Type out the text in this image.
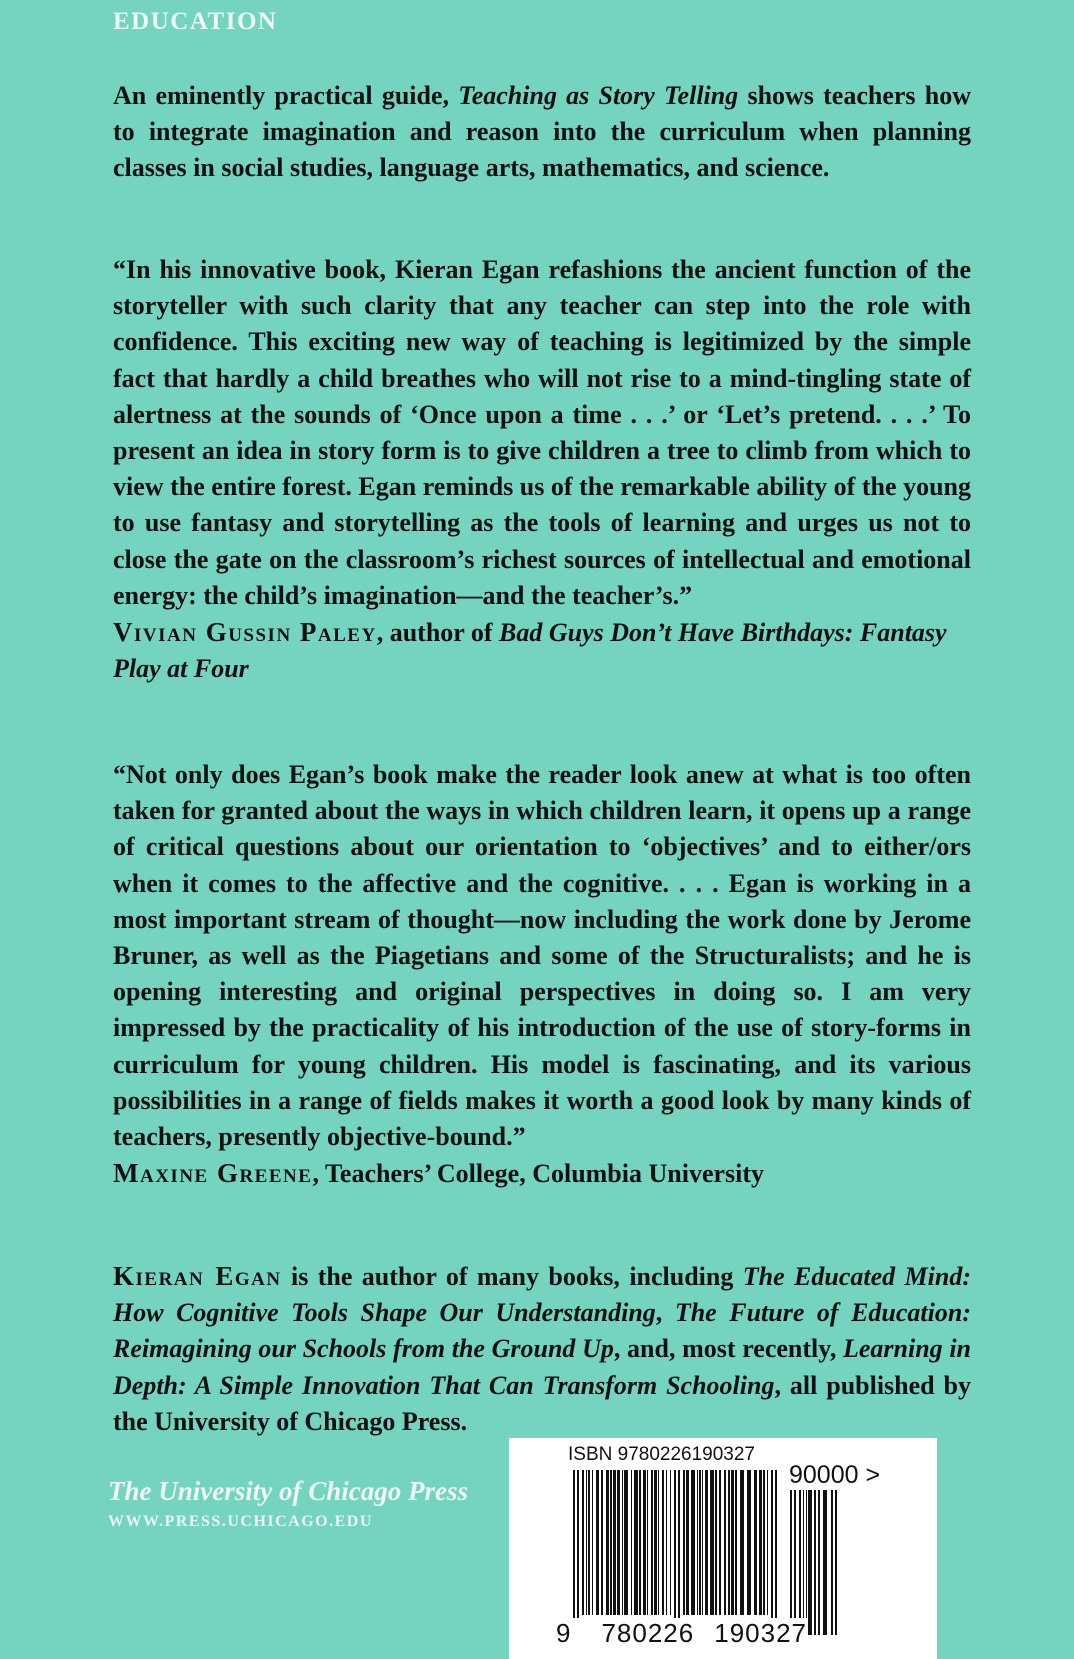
EDUCATION

An eminently practical guide, Teaching as Story Telling shows teachers how to integrate imagination and reason into the curriculum when planning classes in social studies, language arts, mathematics, and science.

“In his innovative book, Kieran Egan refashions the ancient function of the storyteller with such clarity that any teacher can step into the role with confidence. This exciting new way of teaching is legitimized by the simple fact that hardly a child breathes who will not rise to a mind-tingling state of alertness at the sounds of ‘Once upon a time . . .’ or ‘Let’s pretend. . . .’ To present an idea in story form is to give children a tree to climb from which to view the entire forest. Egan reminds us of the remarkable ability of the young to use fantasy and storytelling as the tools of learning and urges us not to close the gate on the classroom’s richest sources of intellectual and emotional energy: the child’s imagination—and the teacher’s.”

Vivian Gussin Paley, author of Bad Guys Don’t Have Birthdays: Fantasy Play at Four

“Not only does Egan’s book make the reader look anew at what is too often taken for granted about the ways in which children learn, it opens up a range of critical questions about our orientation to ‘objectives’ and to either/ors when it comes to the affective and the cognitive. . . . Egan is working in a most important stream of thought—now including the work done by Jerome Bruner, as well as the Piagetians and some of the Structuralists; and he is opening interesting and original perspectives in doing so. I am very impressed by the practicality of his introduction of the use of story-forms in curriculum for young children. His model is fascinating, and its various possibilities in a range of fields makes it worth a good look by many kinds of teachers, presently objective-bound.”

Maxine Greene, Teachers’ College, Columbia University

Kieran Egan is the author of many books, including The Educated Mind: How Cognitive Tools Shape Our Understanding, The Future of Education: Reimagining our Schools from the Ground Up, and, most recently, Learning in Depth: A Simple Innovation That Can Transform Schooling, all published by the University of Chicago Press.

The University of Chicago Press
WWW.PRESS.UCHICAGO.EDU
ISBN 9780226190327
90000 >
9 780226 190327
